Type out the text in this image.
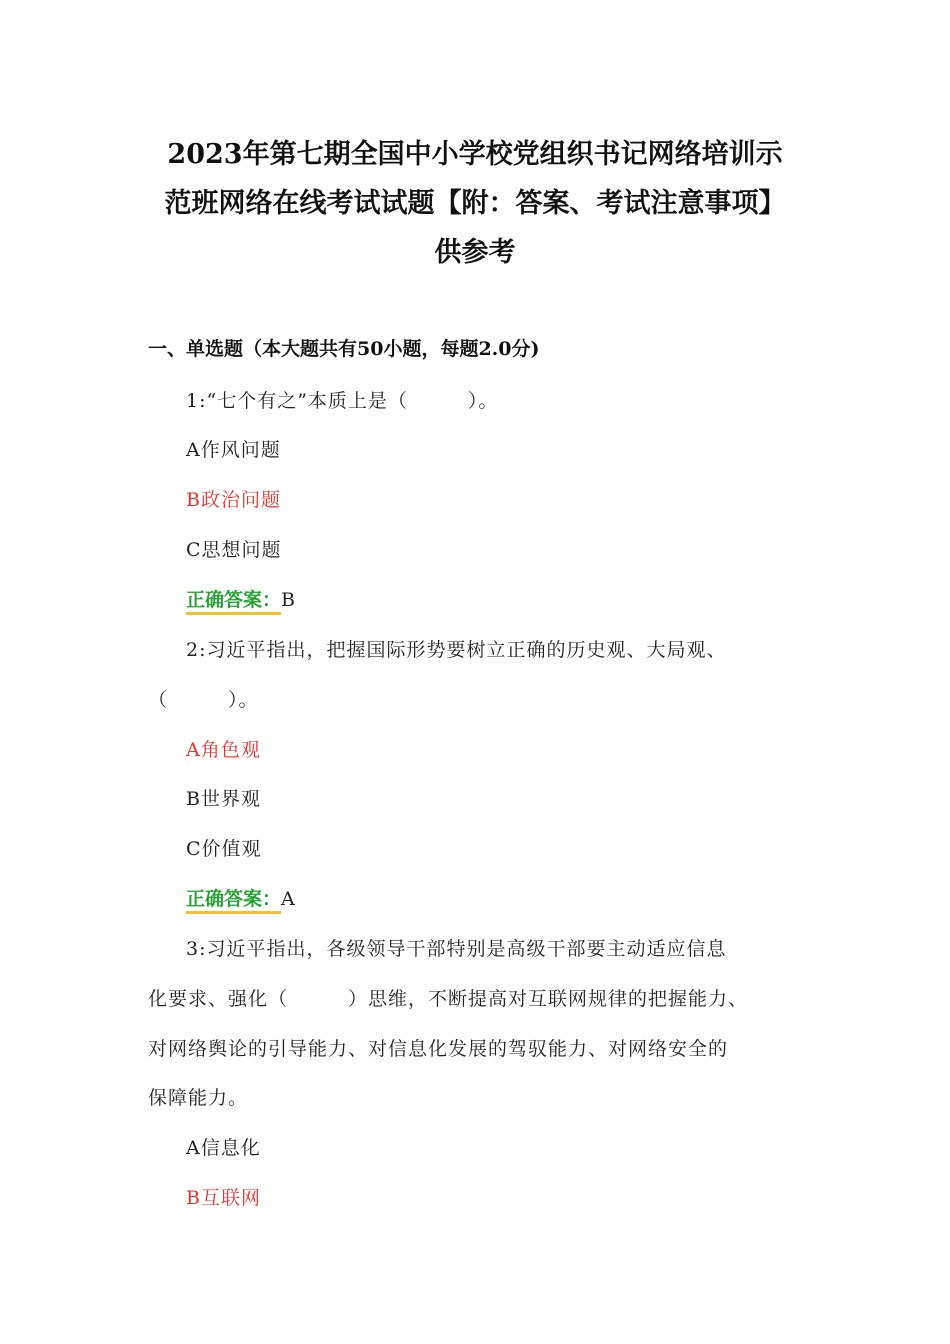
2023年第七期全国中小学校党组织书记网络培训示
范班网络在线考试试题【附：答案、考试注意事项】
供参考
一、单选题（本大题共有50小题，每题2.0分)
1:“七个有之”本质上是（　　　）。
A作风问题
B政治问题
C思想问题
正确答案：B
2:习近平指出，把握国际形势要树立正确的历史观、大局观、
（　　　）。
A角色观
B世界观
C价值观
正确答案：A
3:习近平指出，各级领导干部特别是高级干部要主动适应信息
化要求、强化（　　　）思维，不断提高对互联网规律的把握能力、
对网络舆论的引导能力、对信息化发展的驾驭能力、对网络安全的
保障能力。
A信息化
B互联网
